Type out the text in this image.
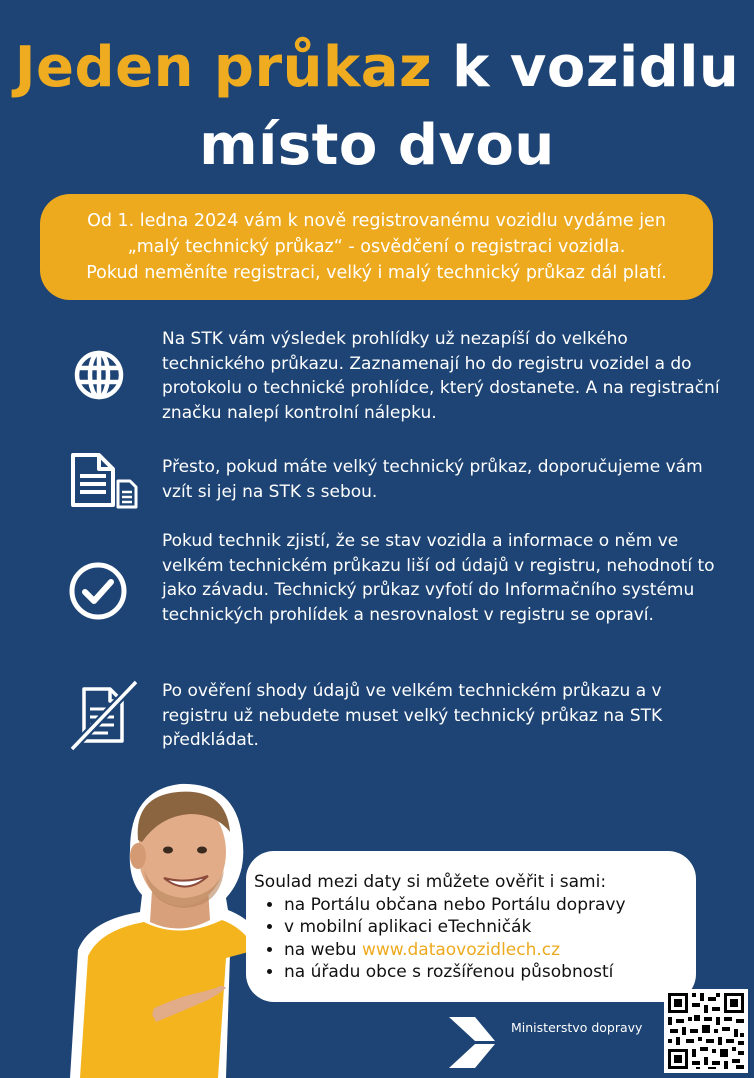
Jeden průkaz k vozidlu
místo dvou
Od 1. ledna 2024 vám k nově registrovanému vozidlu vydáme jen
„malý technický průkaz“ - osvědčení o registraci vozidla.
Pokud neměníte registraci, velký i malý technický průkaz dál platí.
Na STK vám výsledek prohlídky už nezapíší do velkého technického průkazu. Zaznamenají ho do registru vozidel a do protokolu o technické prohlídce, který dostanete. A na registrační značku nalepí kontrolní nálepku.
Přesto, pokud máte velký technický průkaz, doporučujeme vám vzít si jej na STK s sebou.
Pokud technik zjistí, že se stav vozidla a informace o něm ve velkém technickém průkazu liší od údajů v registru, nehodnotí to jako závadu. Technický průkaz vyfotí do Informačního systému technických prohlídek a nesrovnalost v registru se opraví.
Po ověření shody údajů ve velkém technickém průkazu a v registru už nebudete muset velký technický průkaz na STK předkládat.
Soulad mezi daty si můžete ověřit i sami:
• na Portálu občana nebo Portálu dopravy
• v mobilní aplikaci eTechničák
• na webu www.dataovozidlech.cz
• na úřadu obce s rozšířenou působností
Ministerstvo dopravy
